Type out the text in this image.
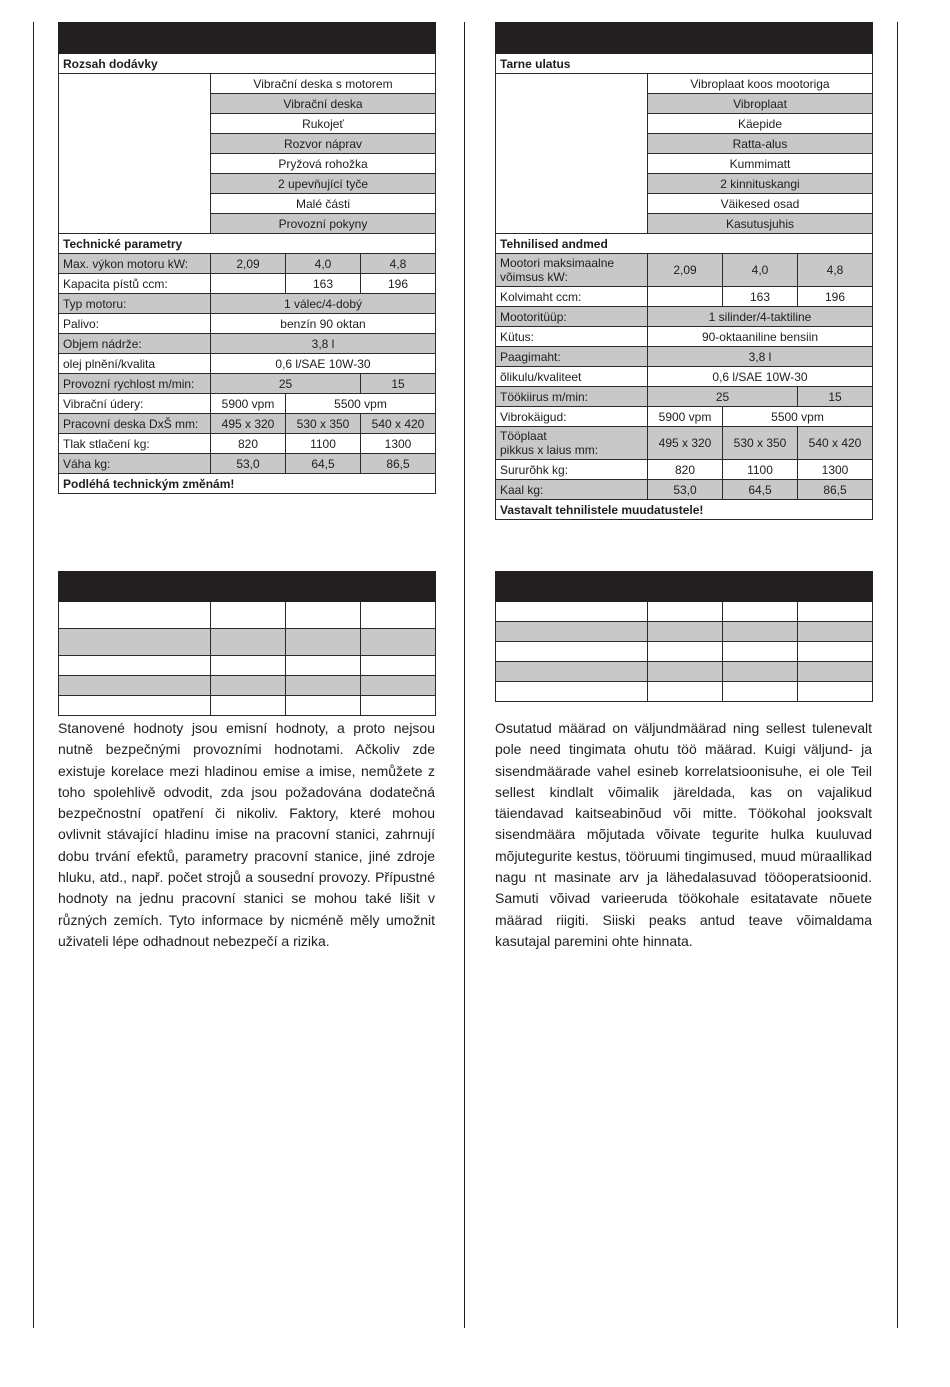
Rozsah dodávky			
	Vibrační deska s motorem		
	Vibrační deska		
	Rukojeť		
	Rozvor náprav		
	Pryžová rohožka		
	2 upevňující tyče		
	Malé části		
	Provozní pokyny		
Technické parametry			
Max. výkon motoru kW:	2,09	4,0	4,8
Kapacita pístů ccm:		163	196
Typ motoru:	1 válec/4-dobý		
Palivo:	benzín 90 oktan		
Objem nádrže:	3,8 l		
olej plnění/kvalita	0,6 l/SAE 10W-30		
Provozní rychlost m/min:	25		15
Vibrační údery:	5900 vpm	5500 vpm	
Pracovní deska DxŠ mm:	495 x 320	530 x 350	540 x 420
Tlak stlačení kg:	820	1100	1300
Váha kg:	53,0	64,5	86,5
Podléhá technickým změnám!			

Tarne ulatus			
	Vibroplaat koos mootoriga		
	Vibroplaat		
	Käepide		
	Ratta-alus		
	Kummimatt		
	2 kinnituskangi		
	Väikesed osad		
	Kasutusjuhis		
Tehnilised andmed			
Mootori maksimaalne
võimsus kW:	2,09	4,0	4,8
Kolvimaht ccm:		163	196
Mootoritüüp:	1 silinder/4-taktiline		
Kütus:	90-oktaaniline bensiin		
Paagimaht:	3,8 l		
õlikulu/kvaliteet	0,6 l/SAE 10W-30		
Töökiirus m/min:	25		15
Vibrokäigud:	5900 vpm	5500 vpm	
Tööplaat
pikkus x laius mm:	495 x 320	530 x 350	540 x 420
Sururõhk kg:	820	1100	1300
Kaal kg:	53,0	64,5	86,5
Vastavalt tehnilistele muudatustele!			

Stanovené hodnoty jsou emisní hodnoty, a proto nejsou nutně bezpečnými provozními hodnotami. Ačkoliv zde existuje korelace mezi hladinou emise a imise, nemůžete z toho spolehlivě odvodit, zda jsou požadována dodatečná bezpečnostní opatření či nikoliv. Faktory, které mohou ovlivnit stávající hladinu imise na pracovní stanici, zahrnují dobu trvání efektů, parametry pracovní stanice, jiné zdroje hluku, atd., např. počet strojů a sousední provozy. Přípustné hodnoty na jednu pracovní stanici se mohou také lišit v různých zemích. Tyto informace by nicméně měly umožnit uživateli lépe odhadnout nebezpečí a rizika.
Osutatud määrad on väljundmäärad ning sellest tulenevalt pole need tingimata ohutu töö määrad. Kuigi väljund- ja sisendmäärade vahel esineb korrelatsioonisuhe, ei ole Teil sellest kindlalt võimalik järeldada, kas on vajalikud täiendavad kaitseabinõud või mitte. Töökohal jooksvalt sisendmäära mõjutada võivate tegurite hulka kuuluvad mõjutegurite kestus, tööruumi tingimused, muud müraallikad nagu nt masinate arv ja lähedalasuvad tööoperatsioonid. Samuti võivad varieeruda töökohale esitatavate nõuete määrad riigiti. Siiski peaks antud teave võimaldama kasutajal paremini ohte hinnata.
